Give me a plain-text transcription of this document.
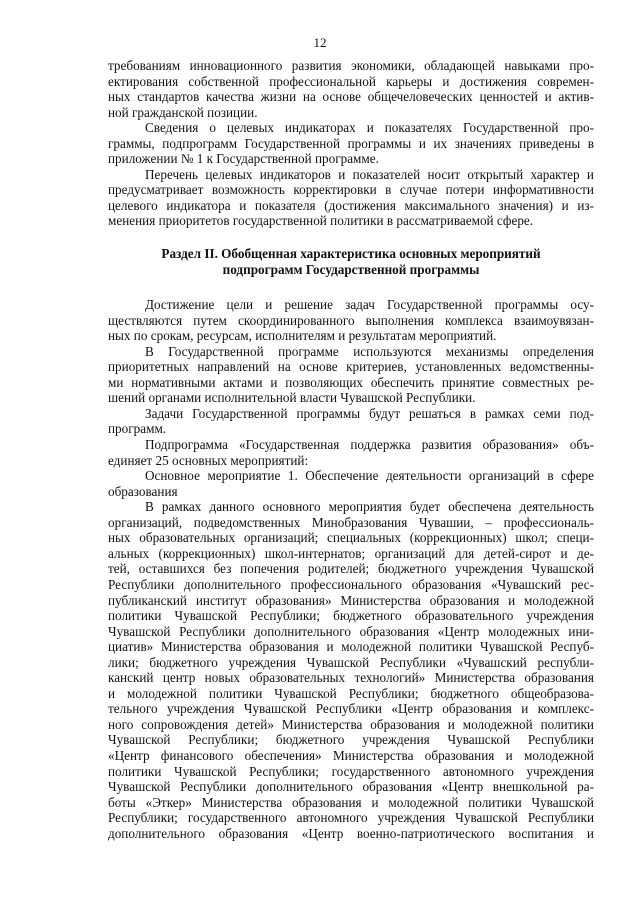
12
требованиям инновационного развития экономики, обладающей навыками про-
ектирования собственной профессиональной карьеры и достижения современ-
ных стандартов качества жизни на основе общечеловеческих ценностей и актив-
ной гражданской позиции.
Сведения о целевых индикаторах и показателях Государственной про-
граммы, подпрограмм Государственной программы и их значениях приведены в
приложении № 1 к Государственной программе.
Перечень целевых индикаторов и показателей носит открытый характер и
предусматривает возможность корректировки в случае потери информативности
целевого индикатора и показателя (достижения максимального значения) и из-
менения приоритетов государственной политики в рассматриваемой сфере.
Раздел II. Обобщенная характеристика основных мероприятий
подпрограмм Государственной программы
Достижение цели и решение задач Государственной программы осу-
ществляются путем скоординированного выполнения комплекса взаимоувязан-
ных по срокам, ресурсам, исполнителям и результатам мероприятий.
В Государственной программе используются механизмы определения
приоритетных направлений на основе критериев, установленных ведомственны-
ми нормативными актами и позволяющих обеспечить принятие совместных ре-
шений органами исполнительной власти Чувашской Республики.
Задачи Государственной программы будут решаться в рамках семи под-
программ.
Подпрограмма «Государственная поддержка развития образования» объ-
единяет 25 основных мероприятий:
Основное мероприятие 1. Обеспечение деятельности организаций в сфере
образования
В рамках данного основного мероприятия будет обеспечена деятельность
организаций, подведомственных Минобразования Чувашии, – профессиональ-
ных образовательных организаций; специальных (коррекционных) школ; специ-
альных (коррекционных) школ-интернатов; организаций для детей-сирот и де-
тей, оставшихся без попечения родителей; бюджетного учреждения Чувашской
Республики дополнительного профессионального образования «Чувашский рес-
публиканский институт образования» Министерства образования и молодежной
политики Чувашской Республики; бюджетного образовательного учреждения
Чувашской Республики дополнительного образования «Центр молодежных ини-
циатив» Министерства образования и молодежной политики Чувашской Респуб-
лики; бюджетного учреждения Чувашской Республики «Чувашский республи-
канский центр новых образовательных технологий» Министерства образования
и молодежной политики Чувашской Республики; бюджетного общеобразова-
тельного учреждения Чувашской Республики «Центр образования и комплекс-
ного сопровождения детей» Министерства образования и молодежной политики
Чувашской Республики; бюджетного учреждения Чувашской Республики
«Центр финансового обеспечения» Министерства образования и молодежной
политики Чувашской Республики; государственного автономного учреждения
Чувашской Республики дополнительного образования «Центр внешкольной ра-
боты «Эткер» Министерства образования и молодежной политики Чувашской
Республики; государственного автономного учреждения Чувашской Республики
дополнительного образования «Центр военно-патриотического воспитания и
